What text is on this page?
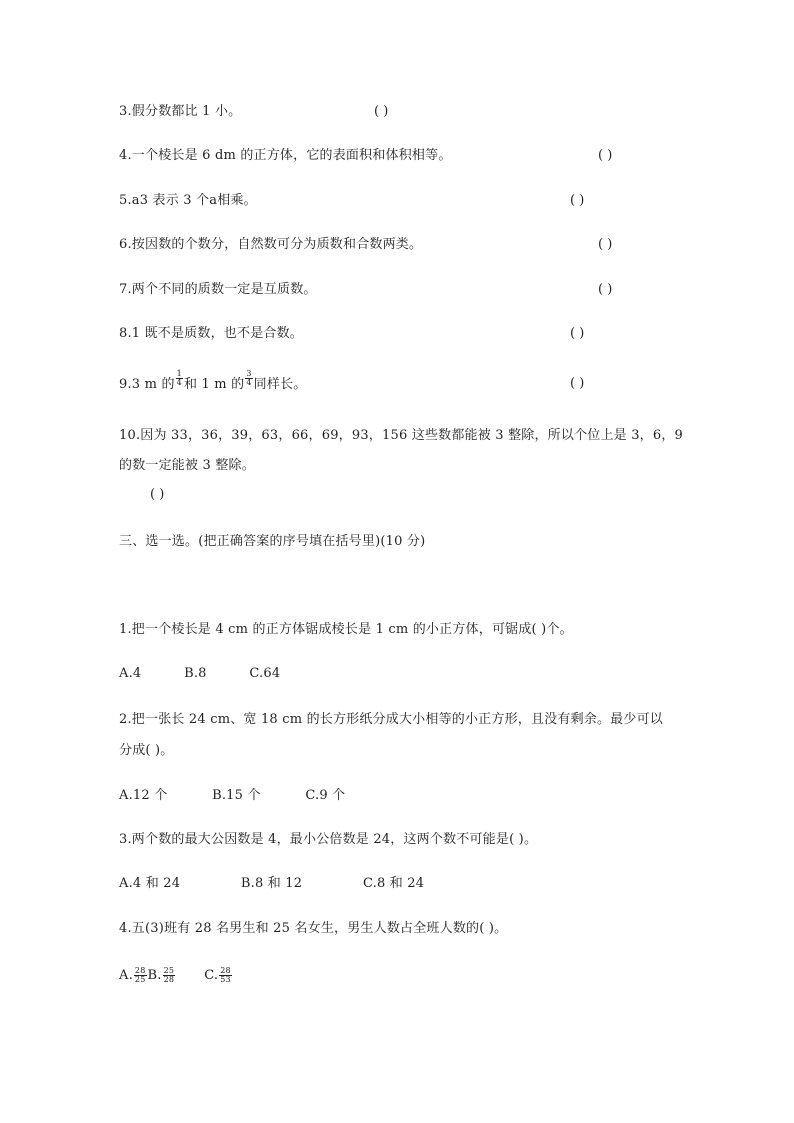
3.假分数都比 1 小。	( )
4.一个棱长是 6 dm 的正方体，它的表面积和体积相等。	( )
5.a3 表示 3 个a相乘。	( )
6.按因数的个数分，自然数可分为质数和合数两类。	( )
7.两个不同的质数一定是互质数。	( )
8.1 既不是质数，也不是合数。	( )
9.3 m 的 $\frac{1}{4}$ 和 1 m 的 $\frac{3}{4}$ 同样长。	( )
10.因为 33，36，39，63，66，69，93，156 这些数都能被 3 整除，所以个位上是 3，6，9
的数一定能被 3 整除。
( )
三、选一选。(把正确答案的序号填在括号里)(10 分)
1.把一个棱长是 4 cm 的正方体锯成棱长是 1 cm 的小正方体，可锯成( )个。
A.4	B.8	C.64
2.把一张长 24 cm、宽 18 cm 的长方形纸分成大小相等的小正方形，且没有剩余。最少可以
分成( )。
A.12 个	B.15 个	C.9 个
3.两个数的最大公因数是 4，最小公倍数是 24，这两个数不可能是( )。
A.4 和 24	B.8 和 12	C.8 和 24
4.五(3)班有 28 名男生和 25 名女生，男生人数占全班人数的( )。
A. $\frac{28}{25} B$. $\frac{25}{28} C$. $\frac{28}{53}$
